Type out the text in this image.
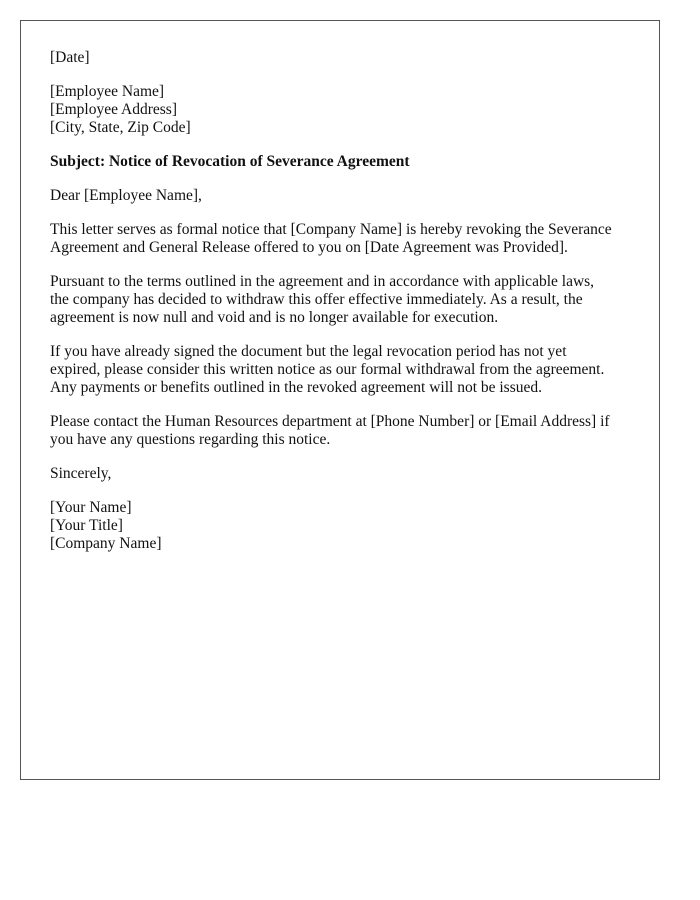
[Date]
[Employee Name]
[Employee Address]
[City, State, Zip Code]
Subject: Notice of Revocation of Severance Agreement
Dear [Employee Name],

This letter serves as formal notice that [Company Name] is hereby revoking the Severance
Agreement and General Release offered to you on [Date Agreement was Provided].

Pursuant to the terms outlined in the agreement and in accordance with applicable laws,
the company has decided to withdraw this offer effective immediately. As a result, the
agreement is now null and void and is no longer available for execution.

If you have already signed the document but the legal revocation period has not yet
expired, please consider this written notice as our formal withdrawal from the agreement.
Any payments or benefits outlined in the revoked agreement will not be issued.

Please contact the Human Resources department at [Phone Number] or [Email Address] if
you have any questions regarding this notice.

Sincerely,
[Your Name]
[Your Title]
[Company Name]
